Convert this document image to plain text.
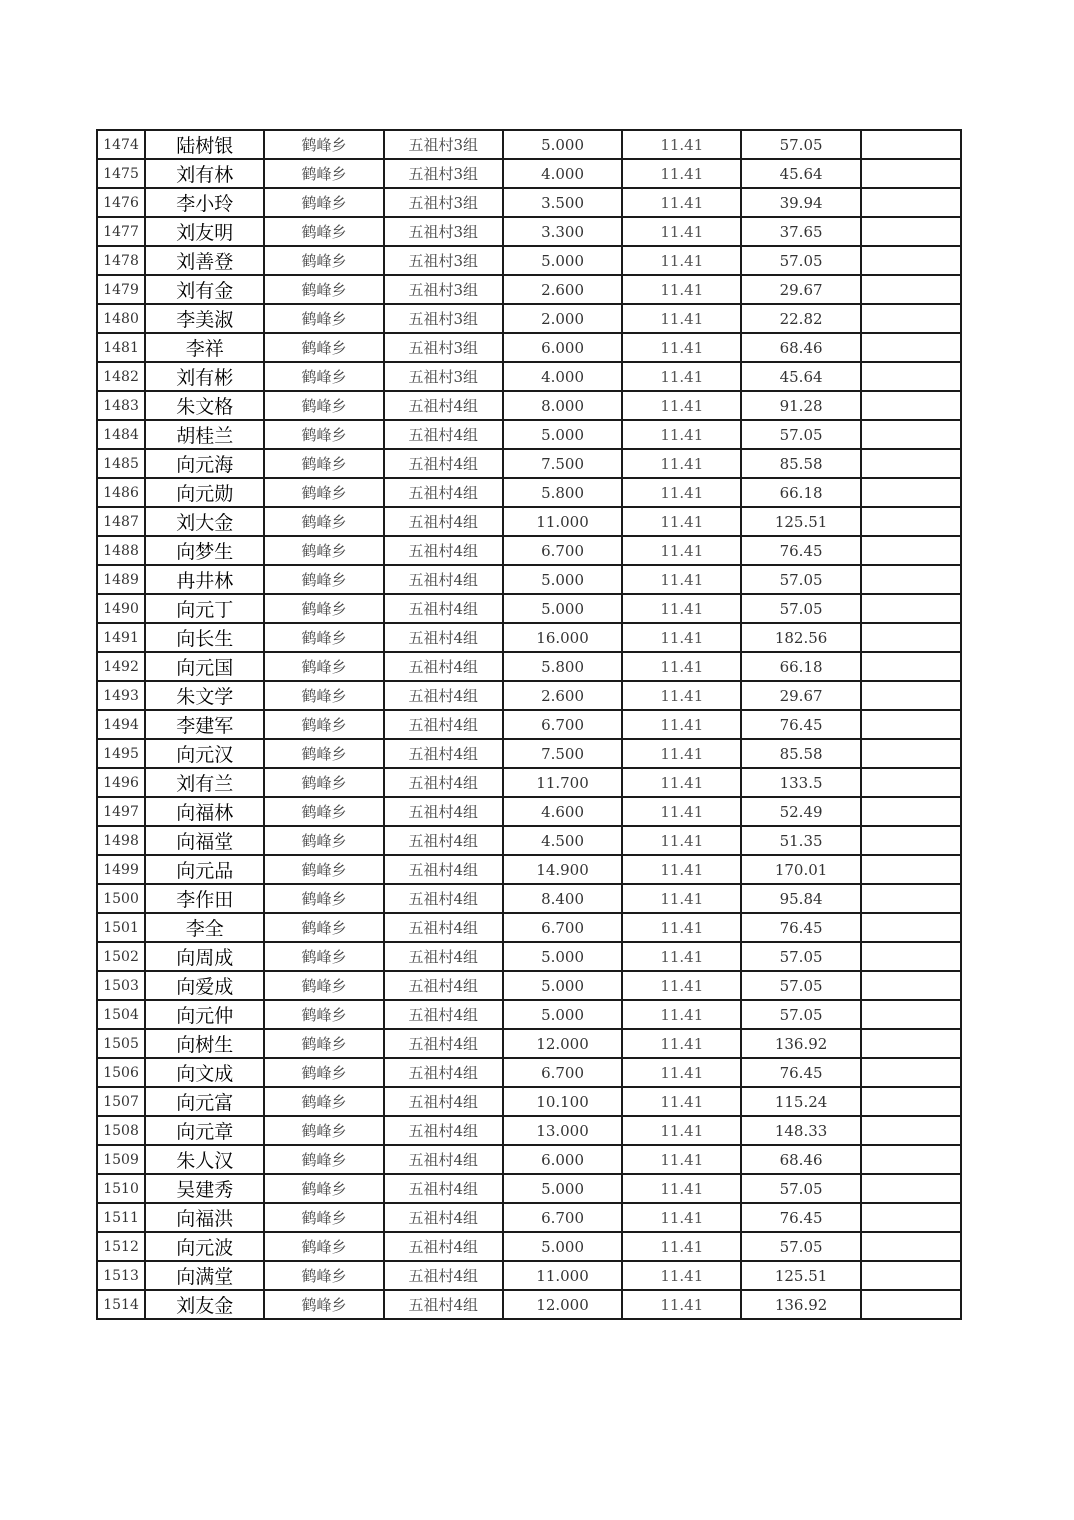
1474	陆树银	鹤峰乡	五祖村3组	5.000	11.41	57.05	
1475	刘有林	鹤峰乡	五祖村3组	4.000	11.41	45.64	
1476	李小玲	鹤峰乡	五祖村3组	3.500	11.41	39.94	
1477	刘友明	鹤峰乡	五祖村3组	3.300	11.41	37.65	
1478	刘善登	鹤峰乡	五祖村3组	5.000	11.41	57.05	
1479	刘有金	鹤峰乡	五祖村3组	2.600	11.41	29.67	
1480	李美淑	鹤峰乡	五祖村3组	2.000	11.41	22.82	
1481	李祥	鹤峰乡	五祖村3组	6.000	11.41	68.46	
1482	刘有彬	鹤峰乡	五祖村3组	4.000	11.41	45.64	
1483	朱文格	鹤峰乡	五祖村4组	8.000	11.41	91.28	
1484	胡桂兰	鹤峰乡	五祖村4组	5.000	11.41	57.05	
1485	向元海	鹤峰乡	五祖村4组	7.500	11.41	85.58	
1486	向元勋	鹤峰乡	五祖村4组	5.800	11.41	66.18	
1487	刘大金	鹤峰乡	五祖村4组	11.000	11.41	125.51	
1488	向梦生	鹤峰乡	五祖村4组	6.700	11.41	76.45	
1489	冉井林	鹤峰乡	五祖村4组	5.000	11.41	57.05	
1490	向元丁	鹤峰乡	五祖村4组	5.000	11.41	57.05	
1491	向长生	鹤峰乡	五祖村4组	16.000	11.41	182.56	
1492	向元国	鹤峰乡	五祖村4组	5.800	11.41	66.18	
1493	朱文学	鹤峰乡	五祖村4组	2.600	11.41	29.67	
1494	李建军	鹤峰乡	五祖村4组	6.700	11.41	76.45	
1495	向元汉	鹤峰乡	五祖村4组	7.500	11.41	85.58	
1496	刘有兰	鹤峰乡	五祖村4组	11.700	11.41	133.5	
1497	向福林	鹤峰乡	五祖村4组	4.600	11.41	52.49	
1498	向福堂	鹤峰乡	五祖村4组	4.500	11.41	51.35	
1499	向元品	鹤峰乡	五祖村4组	14.900	11.41	170.01	
1500	李作田	鹤峰乡	五祖村4组	8.400	11.41	95.84	
1501	李全	鹤峰乡	五祖村4组	6.700	11.41	76.45	
1502	向周成	鹤峰乡	五祖村4组	5.000	11.41	57.05	
1503	向爱成	鹤峰乡	五祖村4组	5.000	11.41	57.05	
1504	向元仲	鹤峰乡	五祖村4组	5.000	11.41	57.05	
1505	向树生	鹤峰乡	五祖村4组	12.000	11.41	136.92	
1506	向文成	鹤峰乡	五祖村4组	6.700	11.41	76.45	
1507	向元富	鹤峰乡	五祖村4组	10.100	11.41	115.24	
1508	向元章	鹤峰乡	五祖村4组	13.000	11.41	148.33	
1509	朱人汉	鹤峰乡	五祖村4组	6.000	11.41	68.46	
1510	吴建秀	鹤峰乡	五祖村4组	5.000	11.41	57.05	
1511	向福洪	鹤峰乡	五祖村4组	6.700	11.41	76.45	
1512	向元波	鹤峰乡	五祖村4组	5.000	11.41	57.05	
1513	向满堂	鹤峰乡	五祖村4组	11.000	11.41	125.51	
1514	刘友金	鹤峰乡	五祖村4组	12.000	11.41	136.92	
